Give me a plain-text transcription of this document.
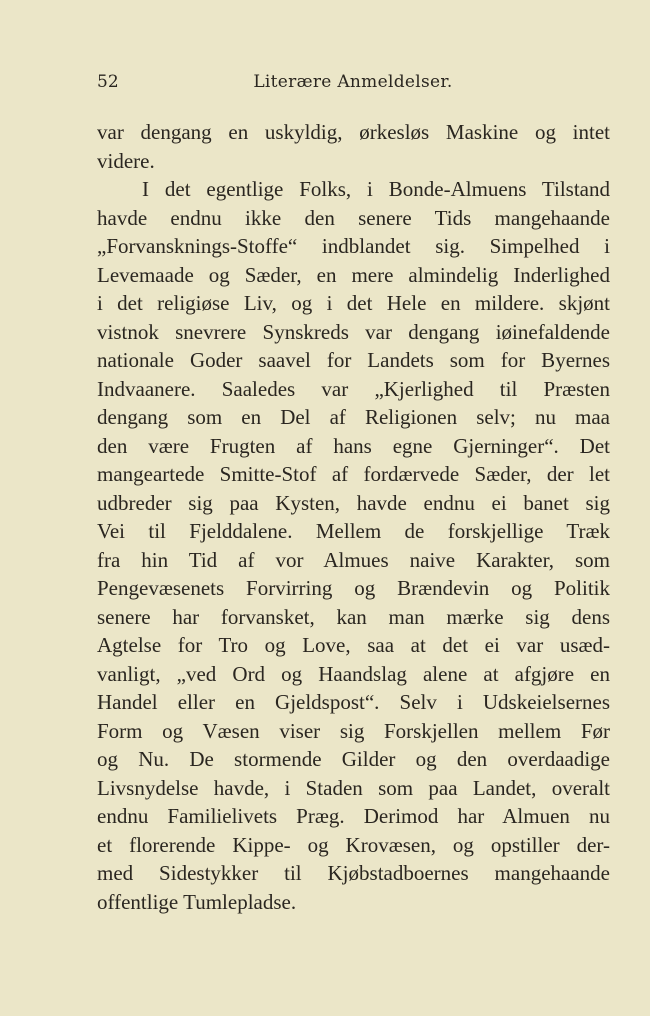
52	Literære Anmeldelser.
var dengang en uskyldig, ørkesløs Maskine og intet
videre.
I det egentlige Folks, i Bonde-Almuens Tilstand
havde endnu ikke den senere Tids mangehaande
„Forvansknings-Stoffe“ indblandet sig. Simpelhed i
Levemaade og Sæder, en mere almindelig Inderlighed
i det religiøse Liv, og i det Hele en mildere. skjønt
vistnok snevrere Synskreds var dengang iøinefaldende
nationale Goder saavel for Landets som for Byernes
Indvaanere. Saaledes var „Kjerlighed til Præsten
dengang som en Del af Religionen selv; nu maa
den være Frugten af hans egne Gjerninger“. Det
mangeartede Smitte-Stof af fordærvede Sæder, der let
udbreder sig paa Kysten, havde endnu ei banet sig
Vei til Fjelddalene. Mellem de forskjellige Træk
fra hin Tid af vor Almues naive Karakter, som
Pengevæsenets Forvirring og Brændevin og Politik
senere har forvansket, kan man mærke sig dens
Agtelse for Tro og Love, saa at det ei var usæd-
vanligt, „ved Ord og Haandslag alene at afgjøre en
Handel eller en Gjeldspost“. Selv i Udskeielsernes
Form og Væsen viser sig Forskjellen mellem Før
og Nu. De stormende Gilder og den overdaadige
Livsnydelse havde, i Staden som paa Landet, overalt
endnu Familielivets Præg. Derimod har Almuen nu
et florerende Kippe- og Krovæsen, og opstiller der-
med Sidestykker til Kjøbstadboernes mangehaande
offentlige Tumlepladse.
